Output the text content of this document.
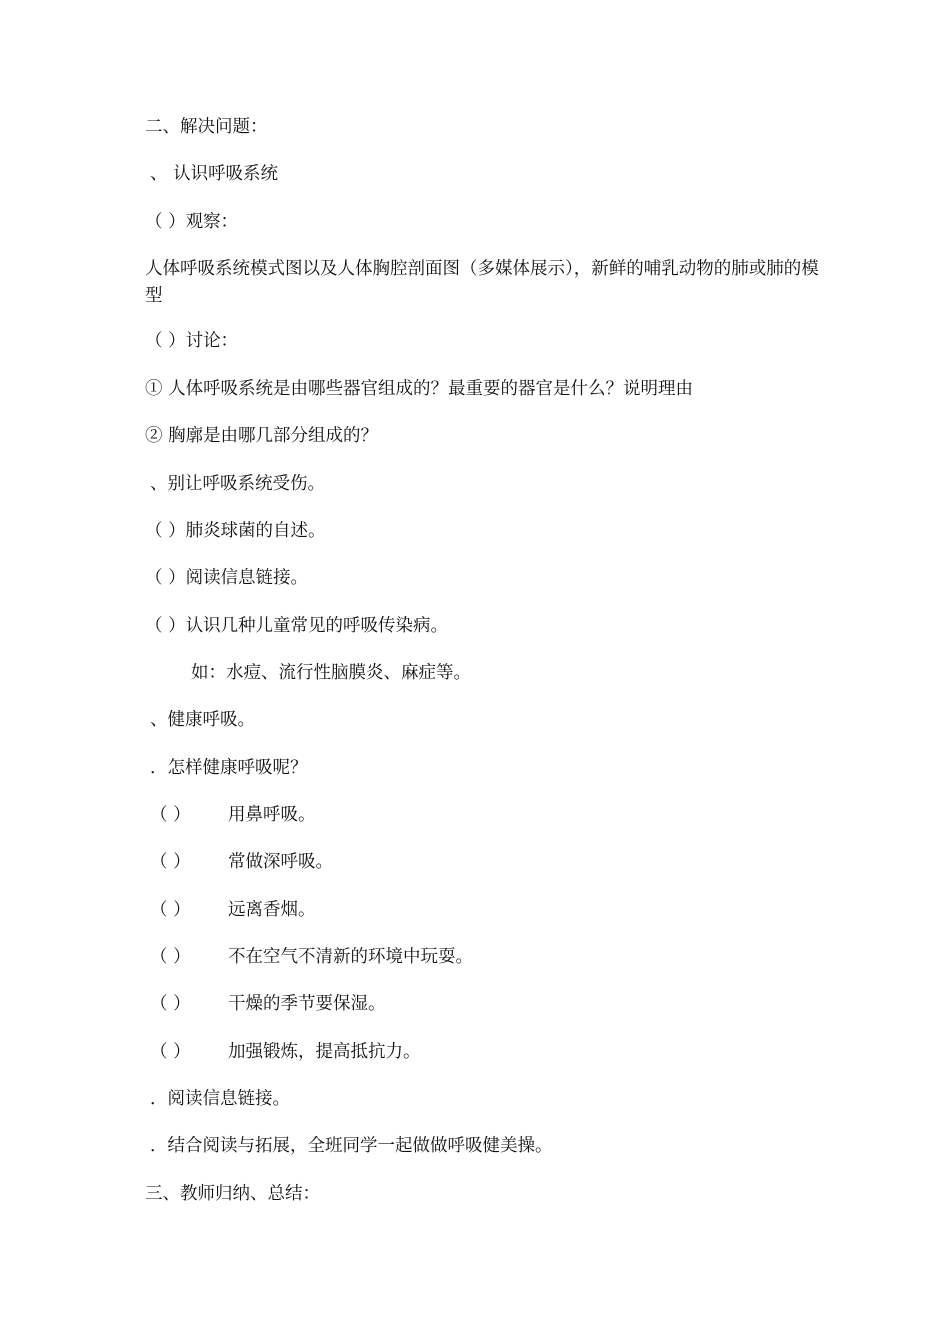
二、解决问题：
、 认识呼吸系统
（ ）观察：
人体呼吸系统模式图以及人体胸腔剖面图（多媒体展示），新鲜的哺乳动物的肺或肺的模型
（ ）讨论：
① 人体呼吸系统是由哪些器官组成的？最重要的器官是什么？说明理由
② 胸廓是由哪几部分组成的？
、别让呼吸系统受伤。
（ ）肺炎球菌的自述。
（ ）阅读信息链接。
（ ）认识几种儿童常见的呼吸传染病。
如：水痘、流行性脑膜炎、麻症等。
、健康呼吸。
．怎样健康呼吸呢？
（ ） 用鼻呼吸。
（ ） 常做深呼吸。
（ ） 远离香烟。
（ ） 不在空气不清新的环境中玩耍。
（ ） 干燥的季节要保湿。
（ ） 加强锻炼，提高抵抗力。
．阅读信息链接。
．结合阅读与拓展，全班同学一起做做呼吸健美操。
三、教师归纳、总结：
